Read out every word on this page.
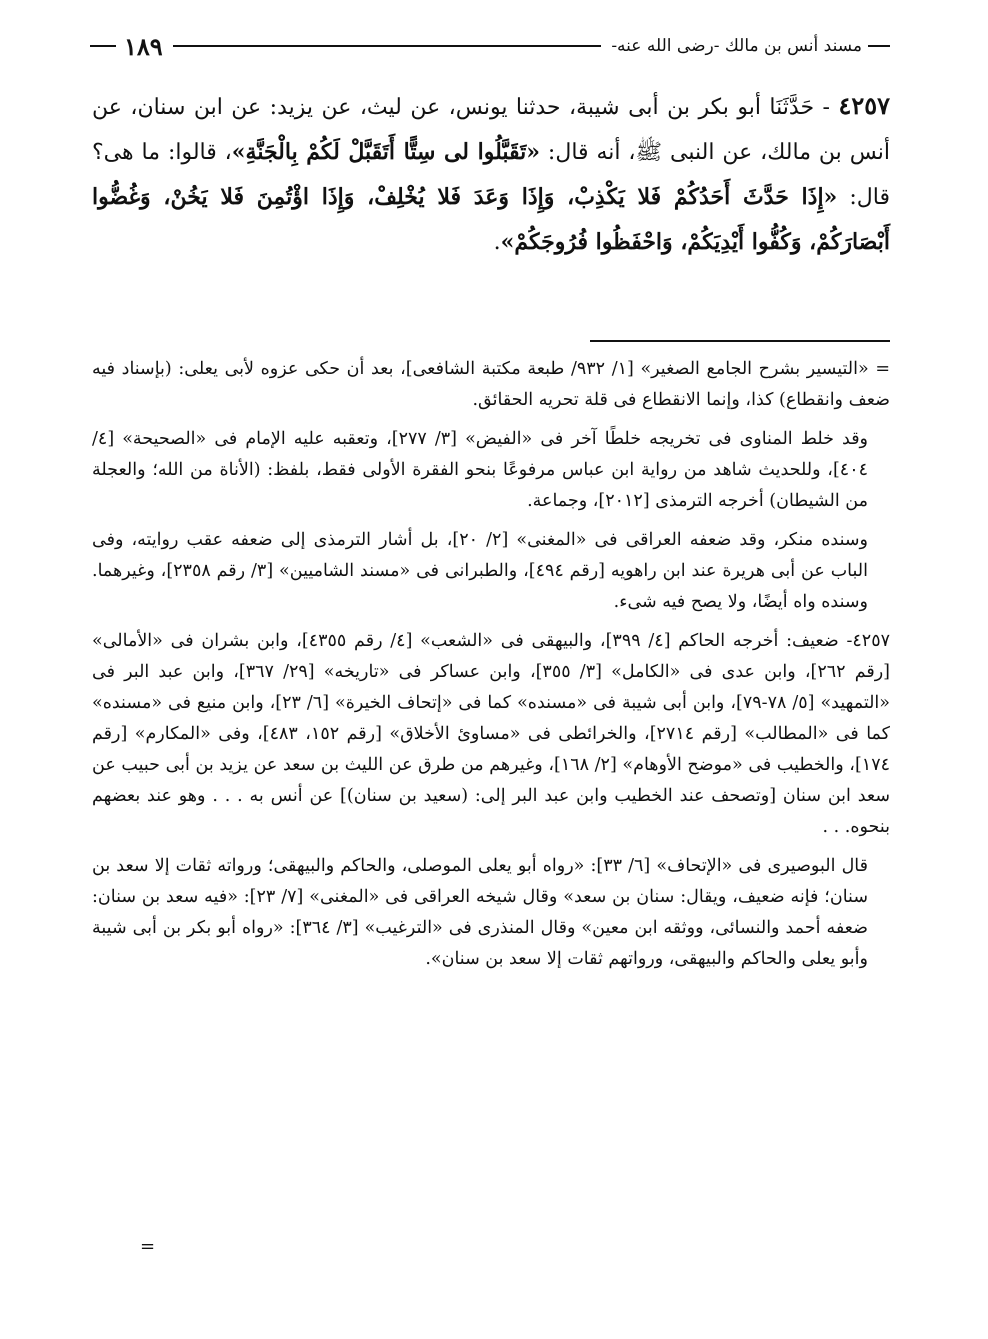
مسند أنس بن مالك -رضى الله عنه-
١٨٩
٤٢٥٧ - حَدَّثَنَا أبو بكر بن أبى شيبة، حدثنا يونس، عن ليث، عن يزيد: عن ابن سنان، عن أنس بن مالك، عن النبى ﷺ، أنه قال: «تَقَبَّلُوا لى سِتًّا أَتَقَبَّلْ لَكُمْ بِالْجَنَّةِ»، قالوا: ما هى؟ قال: «إِذَا حَدَّثَ أَحَدُكُمْ فَلا يَكْذِبْ، وَإِذَا وَعَدَ فَلا يُخْلِفْ، وَإِذَا اؤْتُمِنَ فَلا يَخُنْ، وَغُضُّوا أَبْصَارَكُمْ، وَكُفُّوا أَيْدِيَكُمْ، وَاحْفَظُوا فُرُوجَكُمْ».

= «التيسير بشرح الجامع الصغير» [١/ ٩٣٢/ طبعة مكتبة الشافعى]، بعد أن حكى عزوه لأبى يعلى: (بإسناد فيه ضعف وانقطاع) كذا، وإنما الانقطاع فى قلة تحريه الحقائق.

وقد خلط المناوى فى تخريجه خلطًا آخر فى «الفيض» [٣/ ٢٧٧]، وتعقبه عليه الإمام فى «الصحيحة» [٤/ ٤٠٤]، وللحديث شاهد من رواية ابن عباس مرفوعًا بنحو الفقرة الأولى فقط، بلفظ: (الأناة من الله؛ والعجلة من الشيطان) أخرجه الترمذى [٢٠١٢]، وجماعة.

وسنده منكر، وقد ضعفه العراقى فى «المغنى» [٢/ ٢٠]، بل أشار الترمذى إلى ضعفه عقب روايته، وفى الباب عن أبى هريرة عند ابن راهويه [رقم ٤٩٤]، والطبرانى فى «مسند الشاميين» [٣/ رقم ٢٣٥٨]، وغيرهما. وسنده واه أيضًا، ولا يصح فيه شىء.

٤٢٥٧- ضعيف: أخرجه الحاكم [٤/ ٣٩٩]، والبيهقى فى «الشعب» [٤/ رقم ٤٣٥٥]، وابن بشران فى «الأمالى» [رقم ٢٦٢]، وابن عدى فى «الكامل» [٣/ ٣٥٥]، وابن عساكر فى «تاريخه» [٢٩/ ٣٦٧]، وابن عبد البر فى «التمهيد» [٥/ ٧٨-٧٩]، وابن أبى شيبة فى «مسنده» كما فى «إتحاف الخيرة» [٦/ ٢٣]، وابن منيع فى «مسنده» كما فى «المطالب» [رقم ٢٧١٤]، والخرائطى فى «مساوئ الأخلاق» [رقم ١٥٢، ٤٨٣]، وفى «المكارم» [رقم ١٧٤]، والخطيب فى «موضح الأوهام» [٢/ ١٦٨]، وغيرهم من طرق عن الليث بن سعد عن يزيد بن أبى حبيب عن سعد ابن سنان [وتصحف عند الخطيب وابن عبد البر إلى: (سعيد بن سنان)] عن أنس به . . . وهو عند بعضهم بنحوه. . .

قال البوصيرى فى «الإتحاف» [٦/ ٣٣]: «رواه أبو يعلى الموصلى، والحاكم والبيهقى؛ ورواته ثقات إلا سعد بن سنان؛ فإنه ضعيف، ويقال: سنان بن سعد» وقال شيخه العراقى فى «المغنى» [٧/ ٢٣]: «فيه سعد بن سنان: ضعفه أحمد والنسائى، ووثقه ابن معين» وقال المنذرى فى «الترغيب» [٣/ ٣٦٤]: «رواه أبو بكر بن أبى شيبة وأبو يعلى والحاكم والبيهقى، ورواتهم ثقات إلا سعد بن سنان».

=
